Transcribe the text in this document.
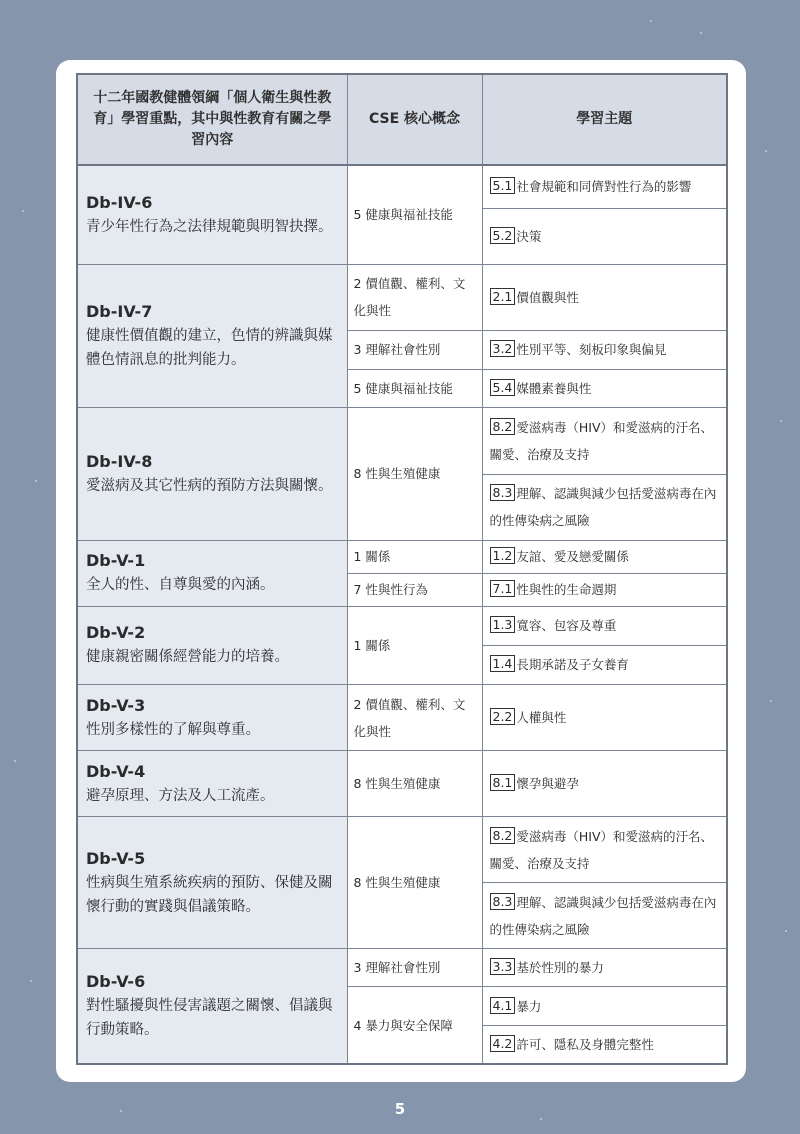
十二年國教健體領綱「個人衛生與性教育」學習重點，其中與性教育有關之學習內容	CSE 核心概念	學習主題

Db-IV-6
青少年性行為之法律規範與明智抉擇。	5 健康與福祉技能	5.1 社會規範和同儕對性行為的影響
		5.2 決策

Db-IV-7
健康性價值觀的建立，色情的辨識與媒體色情訊息的批判能力。	2 價值觀、權利、文化與性	2.1 價值觀與性
	3 理解社會性別	3.2 性別平等、刻板印象與偏見
	5 健康與福祉技能	5.4 媒體素養與性

Db-IV-8
愛滋病及其它性病的預防方法與關懷。	8 性與生殖健康	8.2 愛滋病毒（HIV）和愛滋病的汙名、關愛、治療及支持
		8.3 理解、認識與減少包括愛滋病毒在內的性傳染病之風險

Db-V-1
全人的性、自尊與愛的內涵。	1 關係	1.2 友誼、愛及戀愛關係
	7 性與性行為	7.1 性與性的生命週期

Db-V-2
健康親密關係經營能力的培養。	1 關係	1.3 寬容、包容及尊重
		1.4 長期承諾及子女養育

Db-V-3
性別多樣性的了解與尊重。	2 價值觀、權利、文化與性	2.2 人權與性

Db-V-4
避孕原理、方法及人工流產。	8 性與生殖健康	8.1 懷孕與避孕

Db-V-5
性病與生殖系統疾病的預防、保健及關懷行動的實踐與倡議策略。	8 性與生殖健康	8.2 愛滋病毒（HIV）和愛滋病的汙名、關愛、治療及支持
		8.3 理解、認識與減少包括愛滋病毒在內的性傳染病之風險

Db-V-6
對性騷擾與性侵害議題之關懷、倡議與行動策略。	3 理解社會性別	3.3 基於性別的暴力
	4 暴力與安全保障	4.1 暴力
		4.2 許可、隱私及身體完整性
5
